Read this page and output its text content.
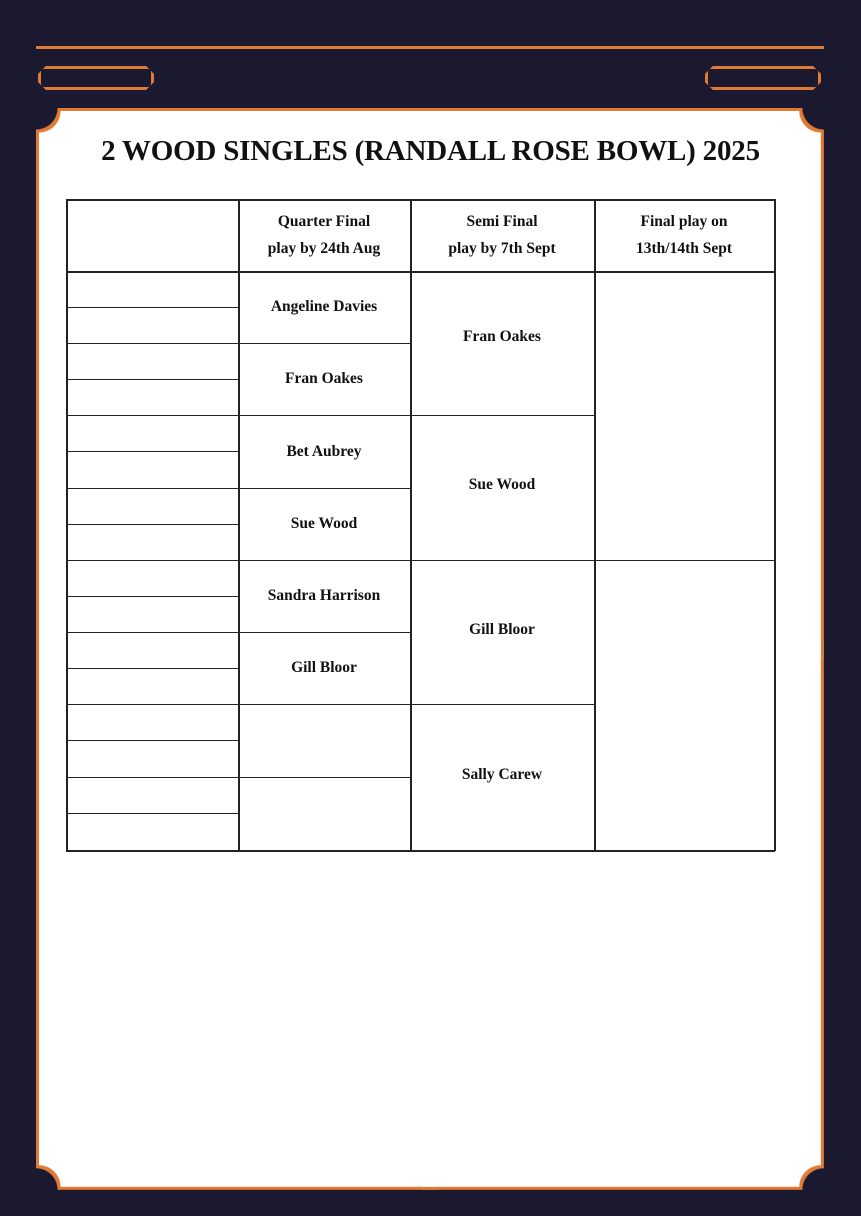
2 WOOD SINGLES (RANDALL ROSE BOWL) 2025
Quarter Final
play by 24th Aug
Semi Final
play by 7th Sept
Final play on
13th/14th Sept
Angeline Davies
Fran Oakes
Bet Aubrey
Sue Wood
Sandra Harrison
Gill Bloor
Fran Oakes
Sue Wood
Gill Bloor
Sally Carew
